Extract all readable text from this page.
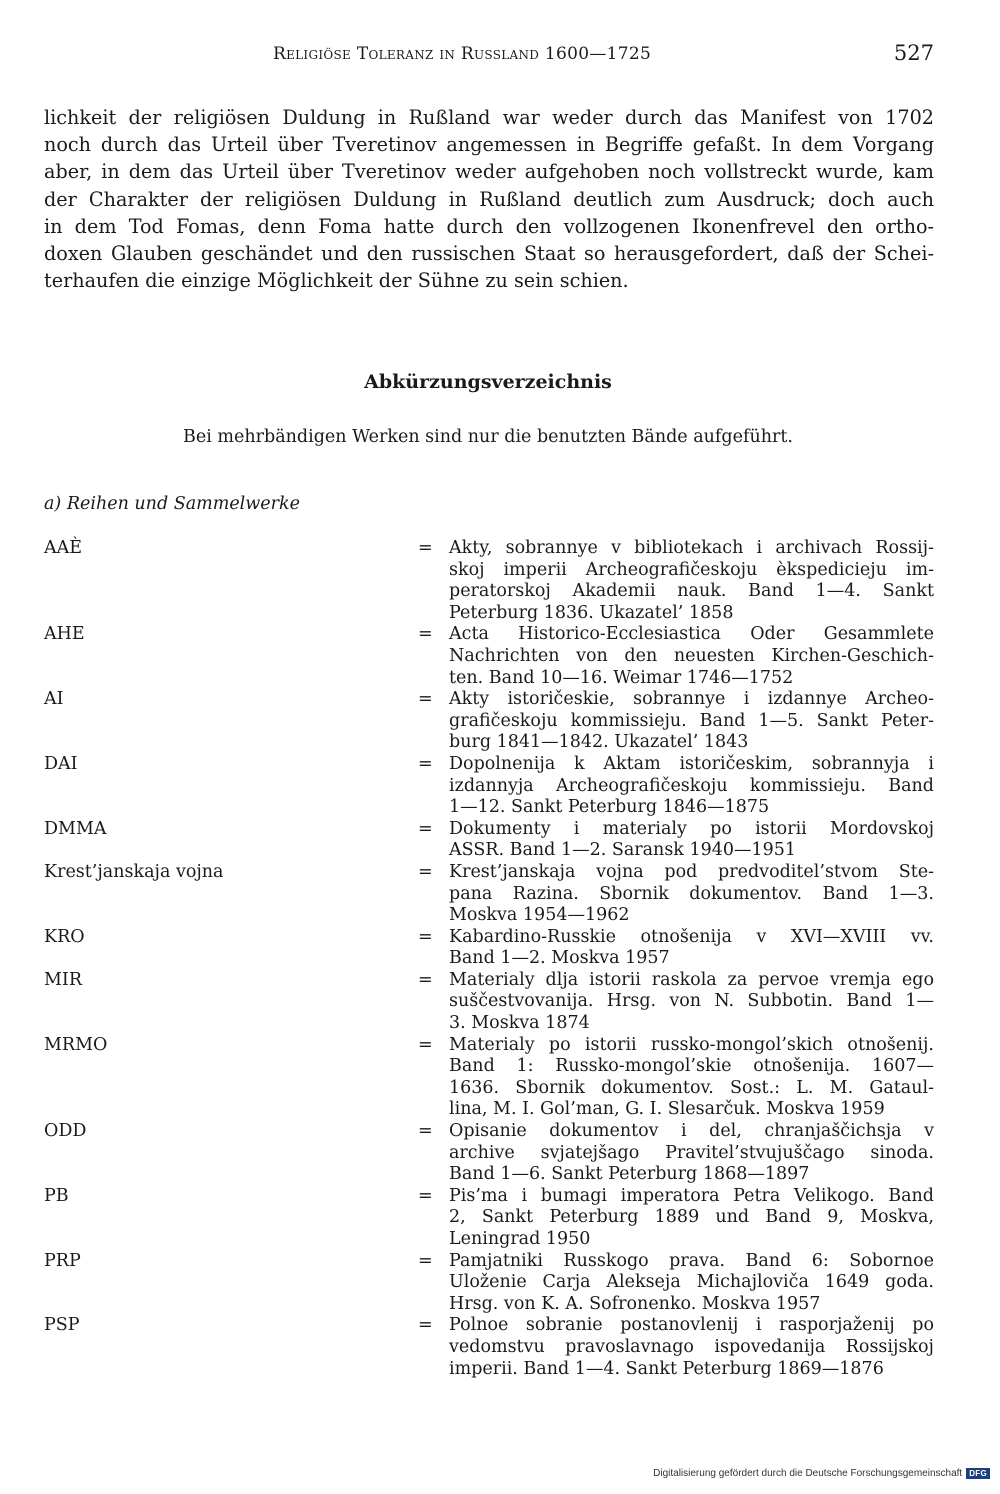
Religiöse Toleranz in Russland 1600—1725	527
lichkeit der religiösen Duldung in Rußland war weder durch das Manifest von 1702
noch durch das Urteil über Tveretinov angemessen in Begriffe gefaßt. In dem Vorgang
aber, in dem das Urteil über Tveretinov weder aufgehoben noch vollstreckt wurde, kam
der Charakter der religiösen Duldung in Rußland deutlich zum Ausdruck; doch auch
in dem Tod Fomas, denn Foma hatte durch den vollzogenen Ikonenfrevel den ortho-
doxen Glauben geschändet und den russischen Staat so herausgefordert, daß der Schei-
terhaufen die einzige Möglichkeit der Sühne zu sein schien.
Abkürzungsverzeichnis
Bei mehrbändigen Werken sind nur die benutzten Bände aufgeführt.
a) Reihen und Sammelwerke
AAÈ	= Akty, sobrannye v bibliotekach i archivach Rossij-
skoj imperii Archeografičeskoju èkspedicieju im-
peratorskoj Akademii nauk. Band 1—4. Sankt
Peterburg 1836. Ukazatel’ 1858
AHE	= Acta Historico-Ecclesiastica Oder Gesammlete
Nachrichten von den neuesten Kirchen-Geschich-
ten. Band 10—16. Weimar 1746—1752
AI	= Akty istoričeskie, sobrannye i izdannye Archeo-
grafičeskoju kommissieju. Band 1—5. Sankt Peter-
burg 1841—1842. Ukazatel’ 1843
DAI	= Dopolnenija k Aktam istoričeskim, sobrannyja i
izdannyja Archeografičeskoju kommissieju. Band
1—12. Sankt Peterburg 1846—1875
DMMA	= Dokumenty i materialy po istorii Mordovskoj
ASSR. Band 1—2. Saransk 1940—1951
Krest’janskaja vojna	= Krest’janskaja vojna pod predvoditel’stvom Ste-
pana Razina. Sbornik dokumentov. Band 1—3.
Moskva 1954—1962
KRO	= Kabardino-Russkie otnošenija v XVI—XVIII vv.
Band 1—2. Moskva 1957
MIR	= Materialy dlja istorii raskola za pervoe vremja ego
suščestvovanija. Hrsg. von N. Subbotin. Band 1—
3. Moskva 1874
MRMO	= Materialy po istorii russko-mongol’skich otnošenij.
Band 1: Russko-mongol’skie otnošenija. 1607—
1636. Sbornik dokumentov. Sost.: L. M. Gataul-
lina, M. I. Gol’man, G. I. Slesarčuk. Moskva 1959
ODD	= Opisanie dokumentov i del, chranjaščichsja v
archive svjatejšago Pravitel’stvujuščago sinoda.
Band 1—6. Sankt Peterburg 1868—1897
PB	= Pis’ma i bumagi imperatora Petra Velikogo. Band
2, Sankt Peterburg 1889 und Band 9, Moskva,
Leningrad 1950
PRP	= Pamjatniki Russkogo prava. Band 6: Sobornoe
Uloženie Carja Alekseja Michajloviča 1649 goda.
Hrsg. von K. A. Sofronenko. Moskva 1957
PSP	= Polnoe sobranie postanovlenij i rasporjaženij po
vedomstvu pravoslavnago ispovedanija Rossijskoj
imperii. Band 1—4. Sankt Peterburg 1869—1876
Digitalisierung gefördert durch die Deutsche Forschungsgemeinschaft DFG
